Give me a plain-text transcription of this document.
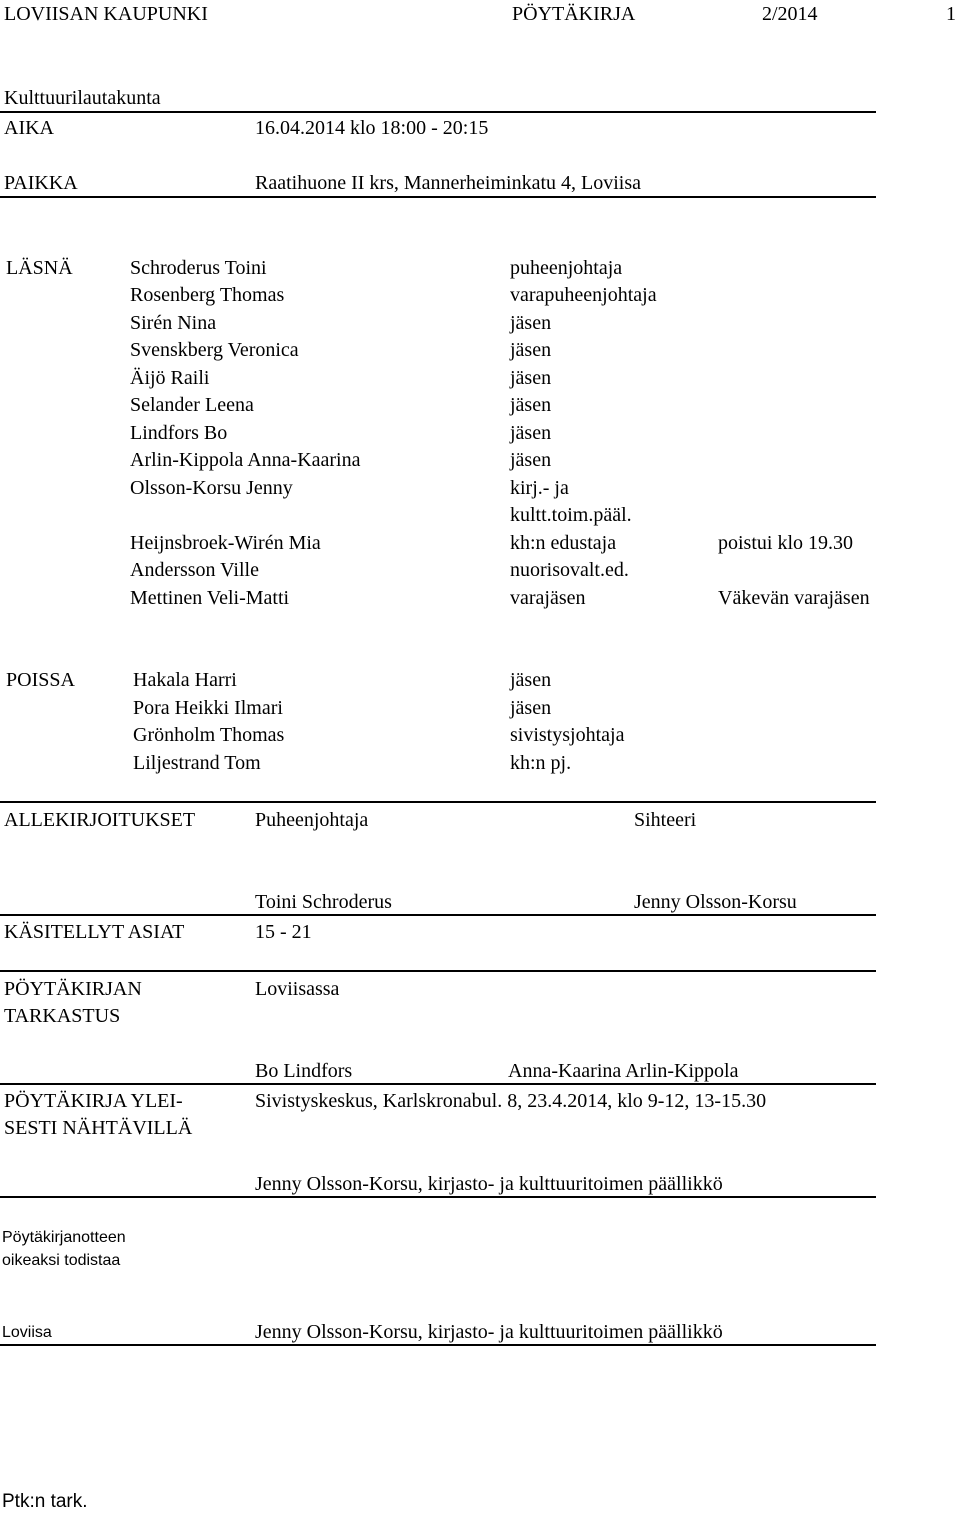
LOVIISAN KAUPUNKI	PÖYTÄKIRJA	2/2014	1
Kulttuurilautakunta
AIKA	16.04.2014 klo 18:00 - 20:15
PAIKKA	Raatihuone II krs, Mannerheiminkatu 4, Loviisa
LÄSNÄ	Schroderus Toini	puheenjohtaja
Rosenberg Thomas	varapuheenjohtaja
Sirén Nina	jäsen
Svenskberg Veronica	jäsen
Äijö Raili	jäsen
Selander Leena	jäsen
Lindfors Bo	jäsen
Arlin-Kippola Anna-Kaarina	jäsen
Olsson-Korsu Jenny	kirj.- ja
kultt.toim.pääl.
Heijnsbroek-Wirén Mia	kh:n edustaja	poistui klo 19.30
Andersson Ville	nuorisovalt.ed.
Mettinen Veli-Matti	varajäsen	Väkevän varajäsen
POISSA	Hakala Harri	jäsen
Pora Heikki Ilmari	jäsen
Grönholm Thomas	sivistysjohtaja
Liljestrand Tom	kh:n pj.
ALLEKIRJOITUKSET	Puheenjohtaja	Sihteeri
Toini Schroderus	Jenny Olsson-Korsu
KÄSITELLYT ASIAT	15 - 21
PÖYTÄKIRJAN
TARKASTUS
Loviisassa
Bo Lindfors	Anna-Kaarina Arlin-Kippola
PÖYTÄKIRJA YLEI-
SESTI NÄHTÄVILLÄ
Sivistyskeskus, Karlskronabul. 8, 23.4.2014, klo 9-12, 13-15.30
Jenny Olsson-Korsu, kirjasto- ja kulttuuritoimen päällikkö
Pöytäkirjanotteen
oikeaksi todistaa
Loviisa	Jenny Olsson-Korsu, kirjasto- ja kulttuuritoimen päällikkö
Ptk:n tark.
